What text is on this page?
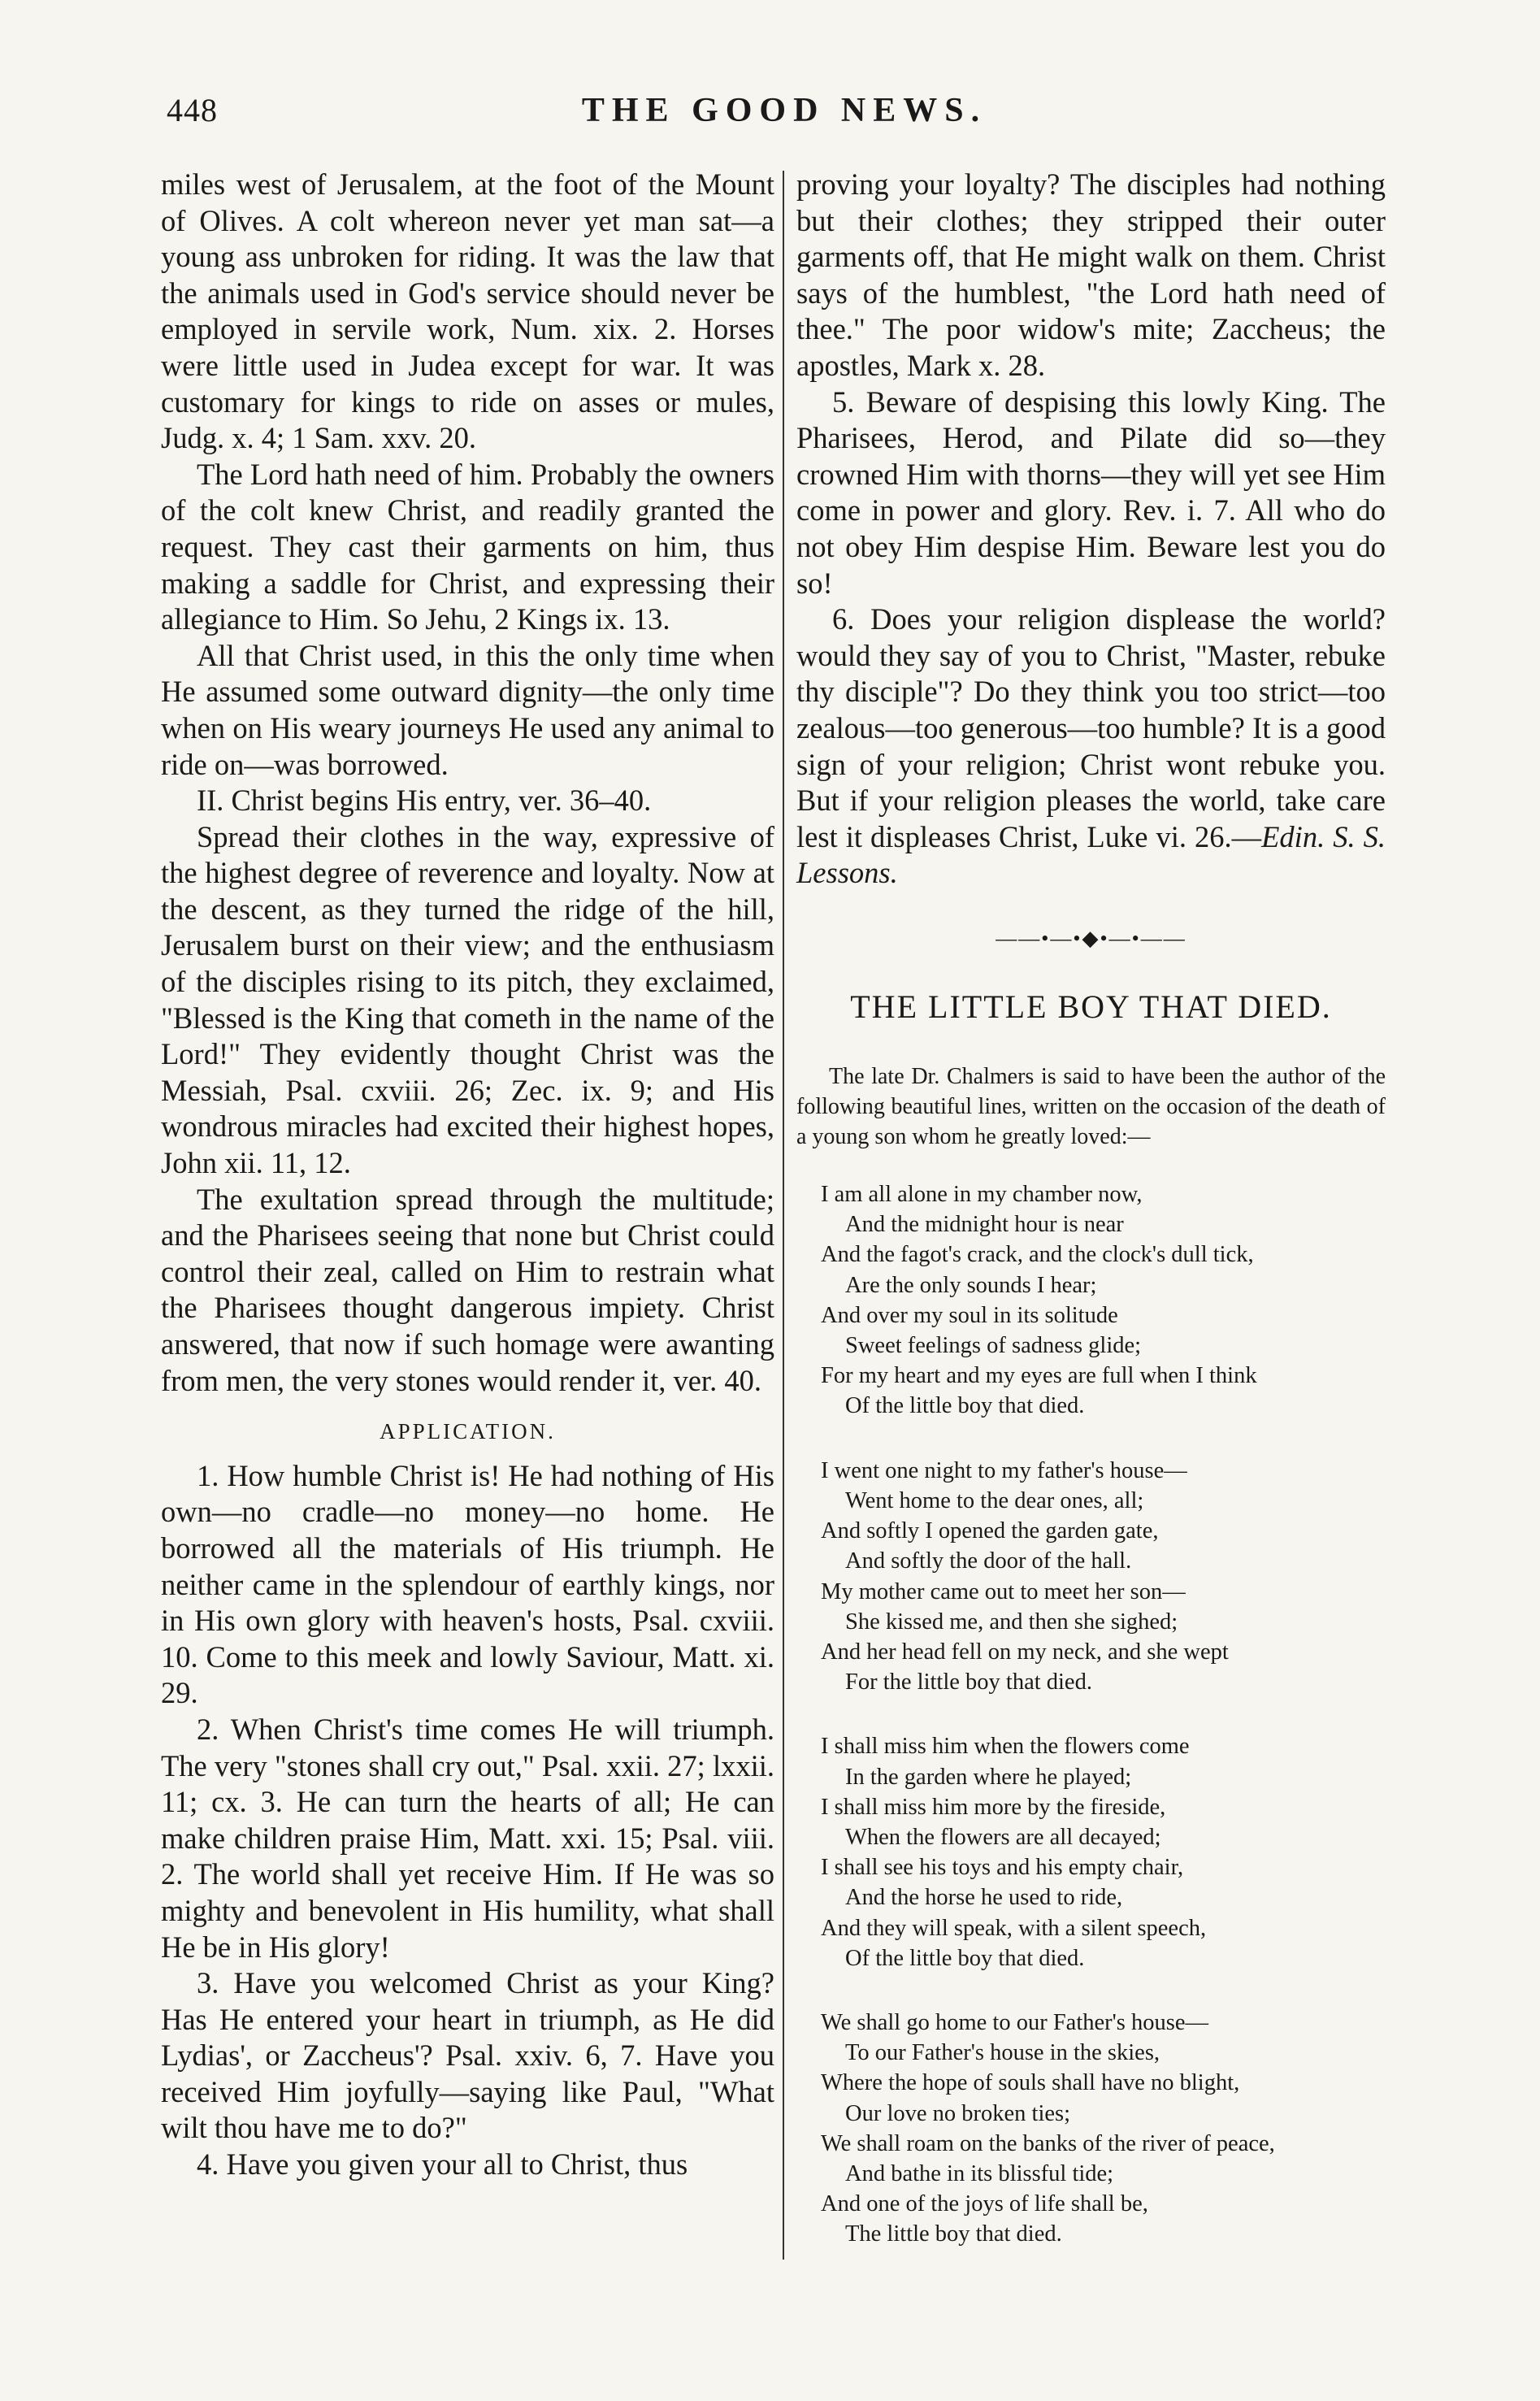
448	THE GOOD NEWS.

miles west of Jerusalem, at the foot of the Mount of Olives. A colt whereon never yet man sat—a young ass unbroken for riding. It was the law that the animals used in God's service should never be employed in servile work, Num. xix. 2. Horses were little used in Judea except for war. It was customary for kings to ride on asses or mules, Judg. x. 4; 1 Sam. xxv. 20.

The Lord hath need of him. Probably the owners of the colt knew Christ, and readily granted the request. They cast their garments on him, thus making a saddle for Christ, and expressing their allegiance to Him. So Jehu, 2 Kings ix. 13.

All that Christ used, in this the only time when He assumed some outward dignity—the only time when on His weary journeys He used any animal to ride on—was borrowed.

II. Christ begins His entry, ver. 36–40.

Spread their clothes in the way, expressive of the highest degree of reverence and loyalty. Now at the descent, as they turned the ridge of the hill, Jerusalem burst on their view; and the enthusiasm of the disciples rising to its pitch, they exclaimed, "Blessed is the King that cometh in the name of the Lord!" They evidently thought Christ was the Messiah, Psal. cxviii. 26; Zec. ix. 9; and His wondrous miracles had excited their highest hopes, John xii. 11, 12.

The exultation spread through the multitude; and the Pharisees seeing that none but Christ could control their zeal, called on Him to restrain what the Pharisees thought dangerous impiety. Christ answered, that now if such homage were awanting from men, the very stones would render it, ver. 40.

APPLICATION.

1. How humble Christ is! He had nothing of His own—no cradle—no money—no home. He borrowed all the materials of His triumph. He neither came in the splendour of earthly kings, nor in His own glory with heaven's hosts, Psal. cxviii. 10. Come to this meek and lowly Saviour, Matt. xi. 29.

2. When Christ's time comes He will triumph. The very "stones shall cry out," Psal. xxii. 27; lxxii. 11; cx. 3. He can turn the hearts of all; He can make children praise Him, Matt. xxi. 15; Psal. viii. 2. The world shall yet receive Him. If He was so mighty and benevolent in His humility, what shall He be in His glory!

3. Have you welcomed Christ as your King? Has He entered your heart in triumph, as He did Lydias', or Zaccheus'? Psal. xxiv. 6, 7. Have you received Him joyfully—saying like Paul, "What wilt thou have me to do?"

4. Have you given your all to Christ, thus

proving your loyalty? The disciples had nothing but their clothes; they stripped their outer garments off, that He might walk on them. Christ says of the humblest, "the Lord hath need of thee." The poor widow's mite; Zaccheus; the apostles, Mark x. 28.

5. Beware of despising this lowly King. The Pharisees, Herod, and Pilate did so—they crowned Him with thorns—they will yet see Him come in power and glory. Rev. i. 7. All who do not obey Him despise Him. Beware lest you do so!

6. Does your religion displease the world? would they say of you to Christ, "Master, rebuke thy disciple"? Do they think you too strict—too zealous—too generous—too humble? It is a good sign of your religion; Christ wont rebuke you. But if your religion pleases the world, take care lest it displeases Christ, Luke vi. 26.—Edin. S. S. Lessons.

——•—•◆•—•——
THE LITTLE BOY THAT DIED.

The late Dr. Chalmers is said to have been the author of the following beautiful lines, written on the occasion of the death of a young son whom he greatly loved:—

I am all alone in my chamber now,
And the midnight hour is near
And the fagot's crack, and the clock's dull tick,
Are the only sounds I hear;
And over my soul in its solitude
Sweet feelings of sadness glide;
For my heart and my eyes are full when I think
Of the little boy that died.
I went one night to my father's house—
Went home to the dear ones, all;
And softly I opened the garden gate,
And softly the door of the hall.
My mother came out to meet her son—
She kissed me, and then she sighed;
And her head fell on my neck, and she wept
For the little boy that died.
I shall miss him when the flowers come
In the garden where he played;
I shall miss him more by the fireside,
When the flowers are all decayed;
I shall see his toys and his empty chair,
And the horse he used to ride,
And they will speak, with a silent speech,
Of the little boy that died.
We shall go home to our Father's house—
To our Father's house in the skies,
Where the hope of souls shall have no blight,
Our love no broken ties;
We shall roam on the banks of the river of peace,
And bathe in its blissful tide;
And one of the joys of life shall be,
The little boy that died.
